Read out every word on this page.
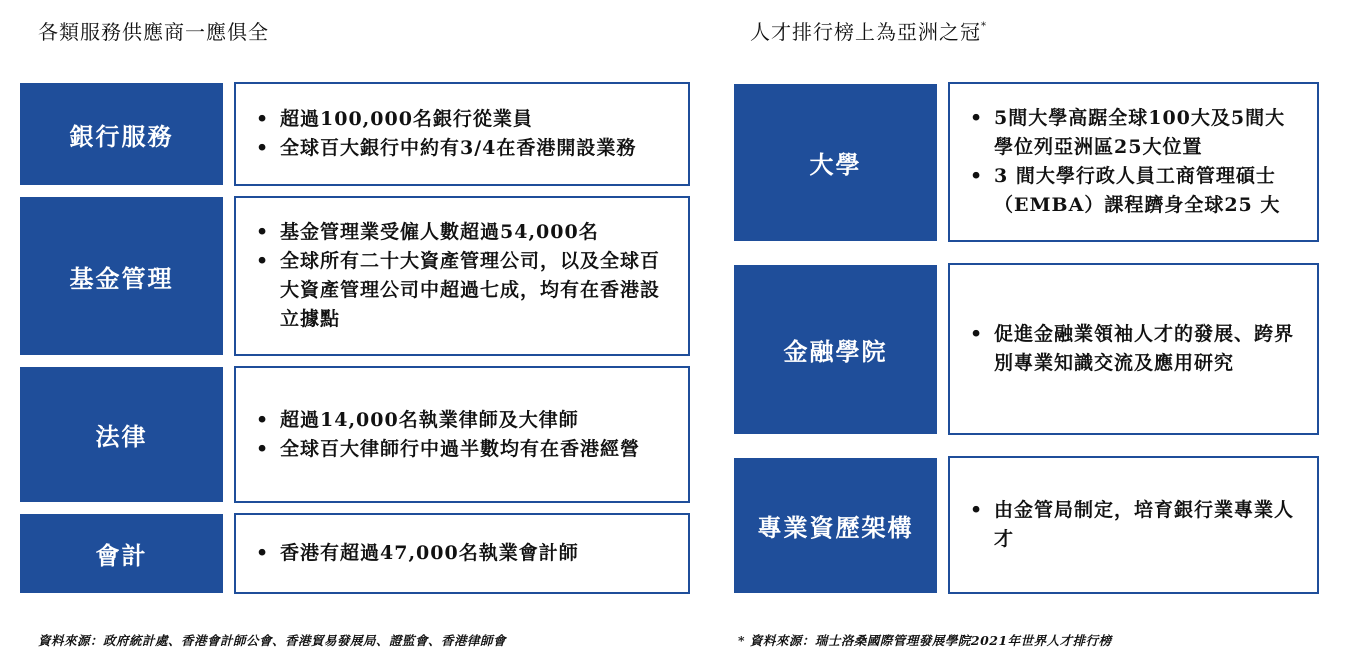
各類服務供應商一應俱全
銀行服務
• 超過100,000名銀行從業員
• 全球百大銀行中約有3/4在香港開設業務
基金管理
• 基金管理業受僱人數超過54,000名
• 全球所有二十大資產管理公司，以及全球百大資產管理公司中超過七成，均有在香港設立據點
法律
• 超過14,000名執業律師及大律師
• 全球百大律師行中過半數均有在香港經營
會計	• 香港有超過47,000名執業會計師
資料來源：政府統計處、香港會計師公會、香港貿易發展局、證監會、香港律師會
人才排行榜上為亞洲之冠*
大學
• 5間大學高踞全球100大及5間大學位列亞洲區25大位置
• 3 間大學行政人員工商管理碩士（EMBA）課程躋身全球25 大
金融學院
• 促進金融業領袖人才的發展、跨界別專業知識交流及應用研究
專業資歷架構
• 由金管局制定，培育銀行業專業人才
* 資料來源：瑞士洛桑國際管理發展學院2021年世界人才排行榜
